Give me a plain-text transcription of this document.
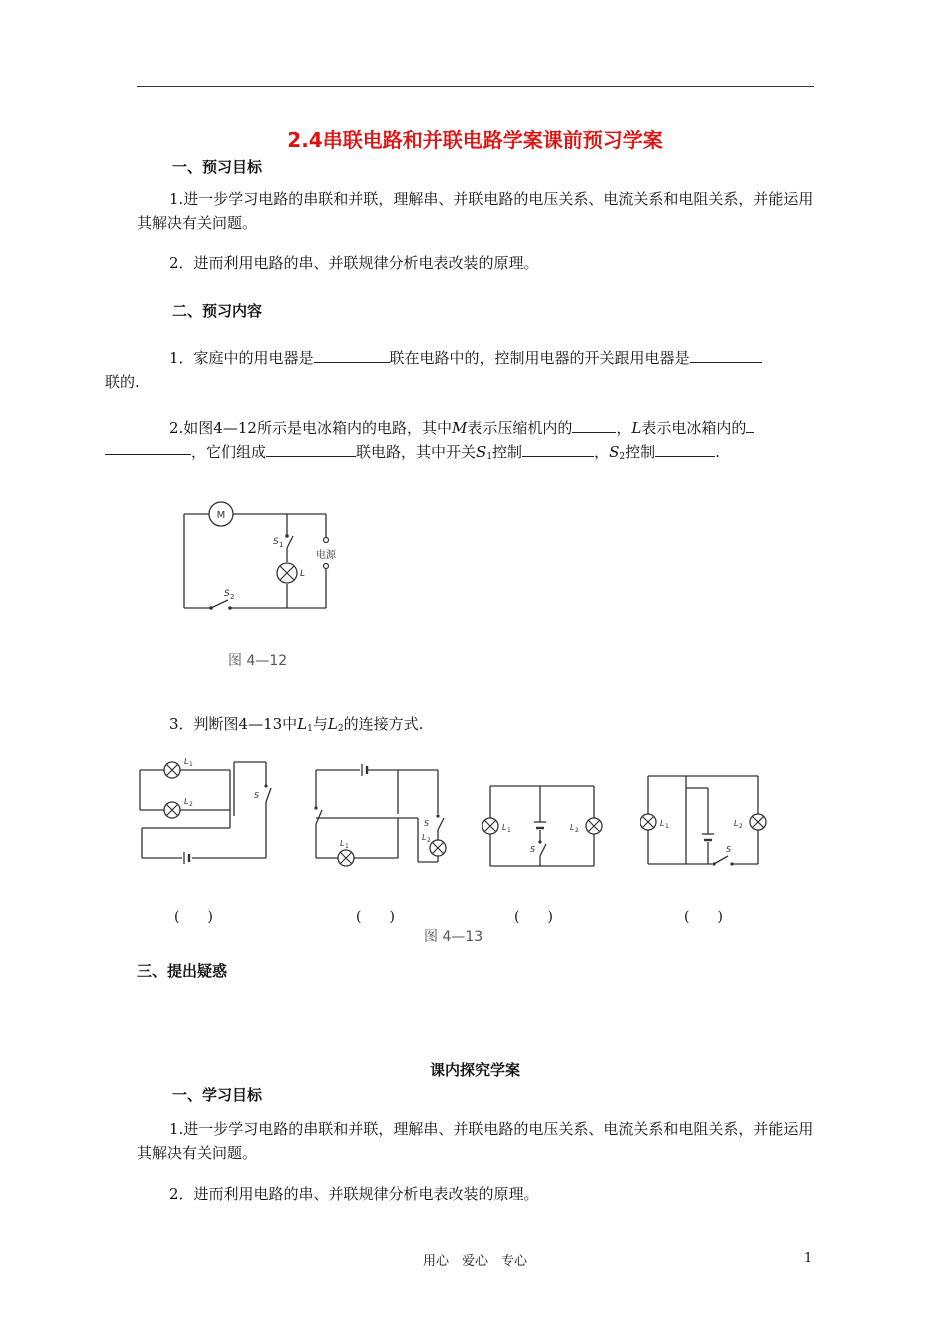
2.4串联电路和并联电路学案课前预习学案
一、预习目标
1.进一步学习电路的串联和并联，理解串、并联电路的电压关系、电流关系和电阻关系，并能运用其解决有关问题。
2．进而利用电路的串、并联规律分析电表改装的原理。
二、预习内容
1．家庭中的用电器是	联在电路中的，控制用电器的开关跟用电器是
联的.
2.如图4—12所示是电冰箱内的电路，其中M表示压缩机内的	，L表示电冰箱内的
，它们组成	联电路，其中开关$S_1$控制	，$S_2$控制	.
M
S 1
L
电源
S 2
图 4—12
3．判断图4—13中$L_1$与$L_2$的连接方式.
L 1
L 2
S
S
L 1
L 2
L 1	L 2
S
L 1	L 2
S
(　　)	(　　)	(　　)	(　　)
图 4—13
三、提出疑惑
课内探究学案
一、学习目标
1.进一步学习电路的串联和并联，理解串、并联电路的电压关系、电流关系和电阻关系，并能运用其解决有关问题。
2．进而利用电路的串、并联规律分析电表改装的原理。
用心　爱心　专心	1
